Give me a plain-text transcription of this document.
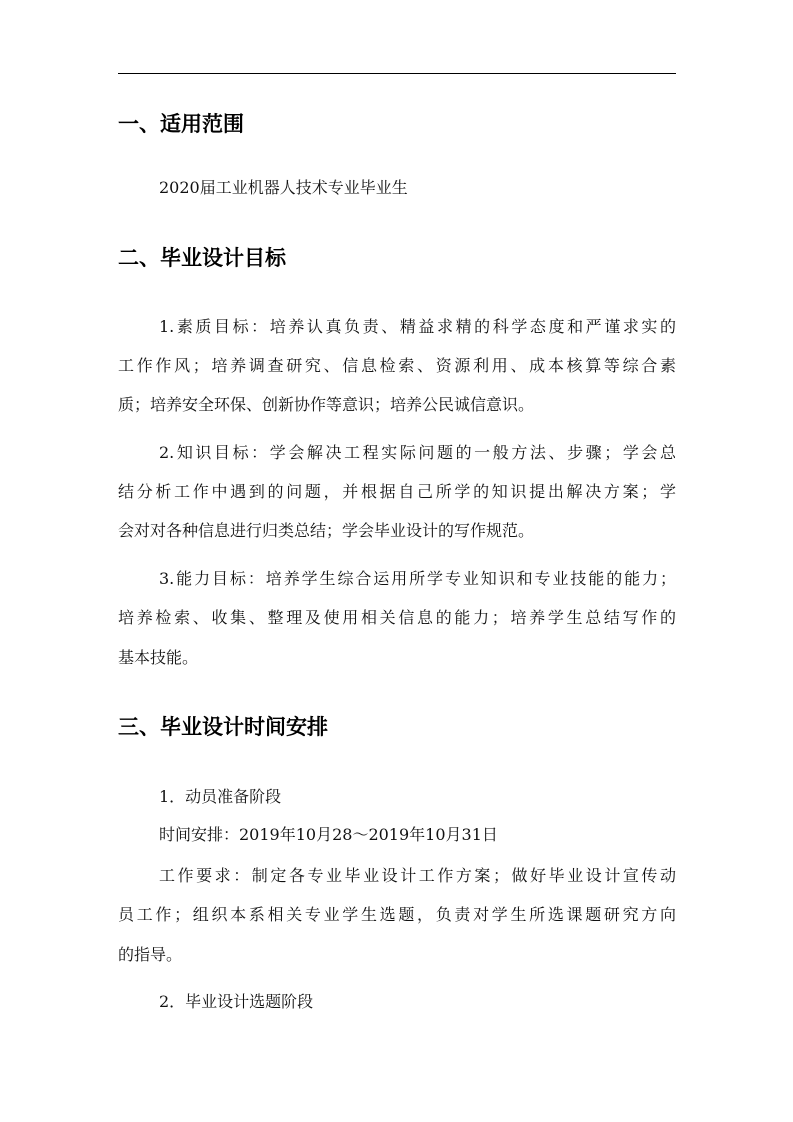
一、适用范围
2020届工业机器人技术专业毕业生
二、毕业设计目标
1.素质目标：培养认真负责、精益求精的科学态度和严谨求实的
工作作风；培养调查研究、信息检索、资源利用、成本核算等综合素
质；培养安全环保、创新协作等意识；培养公民诚信意识。
2.知识目标：学会解决工程实际问题的一般方法、步骤；学会总
结分析工作中遇到的问题，并根据自己所学的知识提出解决方案；学
会对对各种信息进行归类总结；学会毕业设计的写作规范。
3.能力目标：培养学生综合运用所学专业知识和专业技能的能力；
培养检索、收集、整理及使用相关信息的能力；培养学生总结写作的
基本技能。
三、毕业设计时间安排
1．动员准备阶段
时间安排：2019年10月28～2019年10月31日
工作要求：制定各专业毕业设计工作方案；做好毕业设计宣传动
员工作；组织本系相关专业学生选题，负责对学生所选课题研究方向
的指导。
2．毕业设计选题阶段
